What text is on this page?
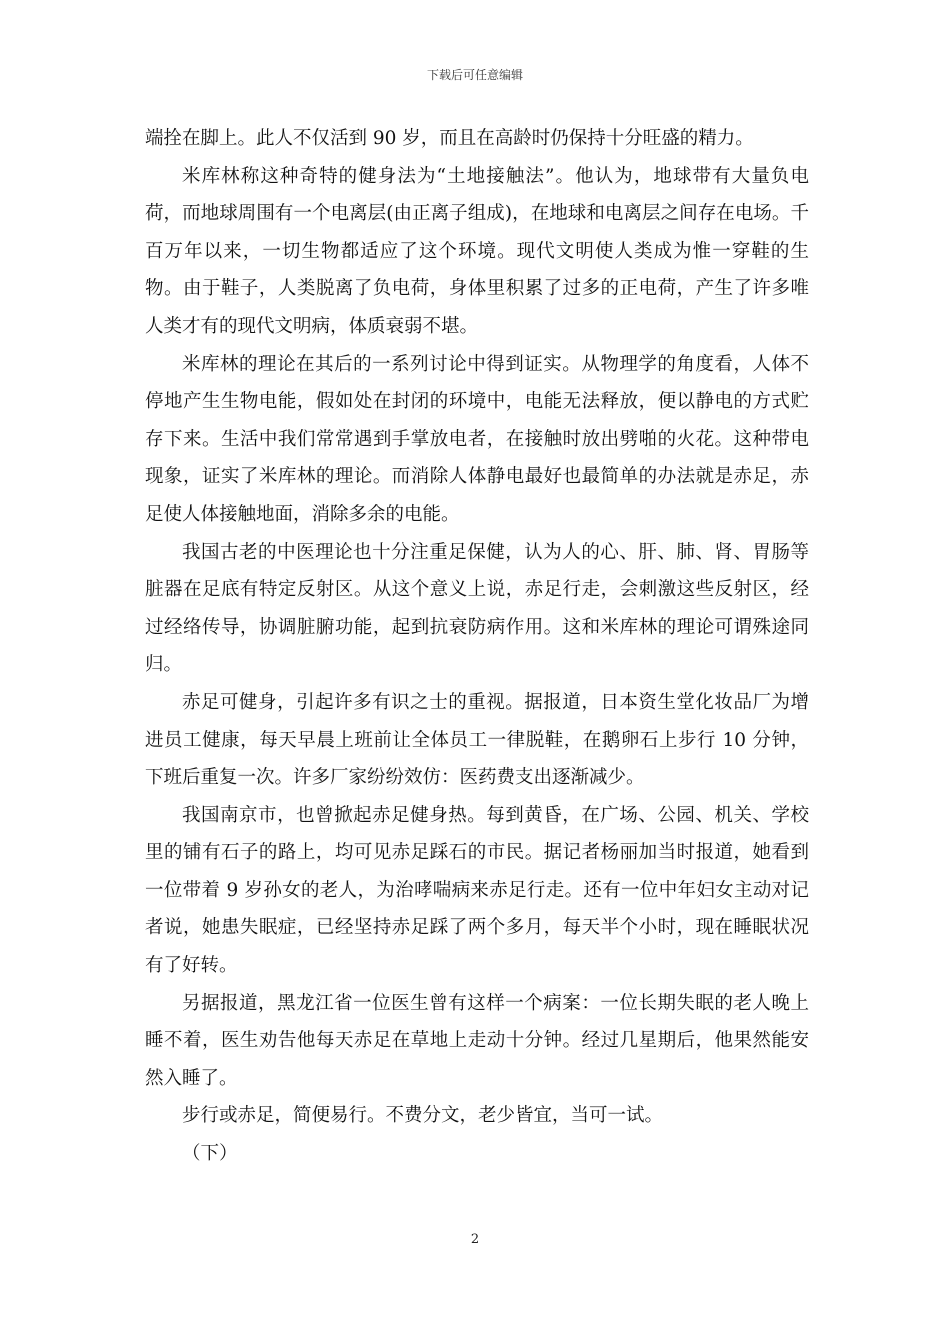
下载后可任意编辑

端拴在脚上。此人不仅活到 90 岁，而且在高龄时仍保持十分旺盛的精力。

米库林称这种奇特的健身法为“土地接触法”。他认为，地球带有大量负电荷，而地球周围有一个电离层(由正离子组成)，在地球和电离层之间存在电场。千百万年以来，一切生物都适应了这个环境。现代文明使人类成为惟一穿鞋的生物。由于鞋子，人类脱离了负电荷，身体里积累了过多的正电荷，产生了许多唯人类才有的现代文明病，体质衰弱不堪。

米库林的理论在其后的一系列讨论中得到证实。从物理学的角度看，人体不停地产生生物电能，假如处在封闭的环境中，电能无法释放，便以静电的方式贮存下来。生活中我们常常遇到手掌放电者，在接触时放出劈啪的火花。这种带电现象，证实了米库林的理论。而消除人体静电最好也最简单的办法就是赤足，赤足使人体接触地面，消除多余的电能。

我国古老的中医理论也十分注重足保健，认为人的心、肝、肺、肾、胃肠等脏器在足底有特定反射区。从这个意义上说，赤足行走，会刺激这些反射区，经过经络传导，协调脏腑功能，起到抗衰防病作用。这和米库林的理论可谓殊途同归。

赤足可健身，引起许多有识之士的重视。据报道，日本资生堂化妆品厂为增进员工健康，每天早晨上班前让全体员工一律脱鞋，在鹅卵石上步行 10 分钟，下班后重复一次。许多厂家纷纷效仿：医药费支出逐渐减少。

我国南京市，也曾掀起赤足健身热。每到黄昏，在广场、公园、机关、学校里的铺有石子的路上，均可见赤足踩石的市民。据记者杨丽加当时报道，她看到一位带着 9 岁孙女的老人，为治哮喘病来赤足行走。还有一位中年妇女主动对记者说，她患失眠症，已经坚持赤足踩了两个多月，每天半个小时，现在睡眠状况有了好转。

另据报道，黑龙江省一位医生曾有这样一个病案：一位长期失眠的老人晚上睡不着，医生劝告他每天赤足在草地上走动十分钟。经过几星期后，他果然能安然入睡了。

步行或赤足，简便易行。不费分文，老少皆宜，当可一试。

（下）

2
